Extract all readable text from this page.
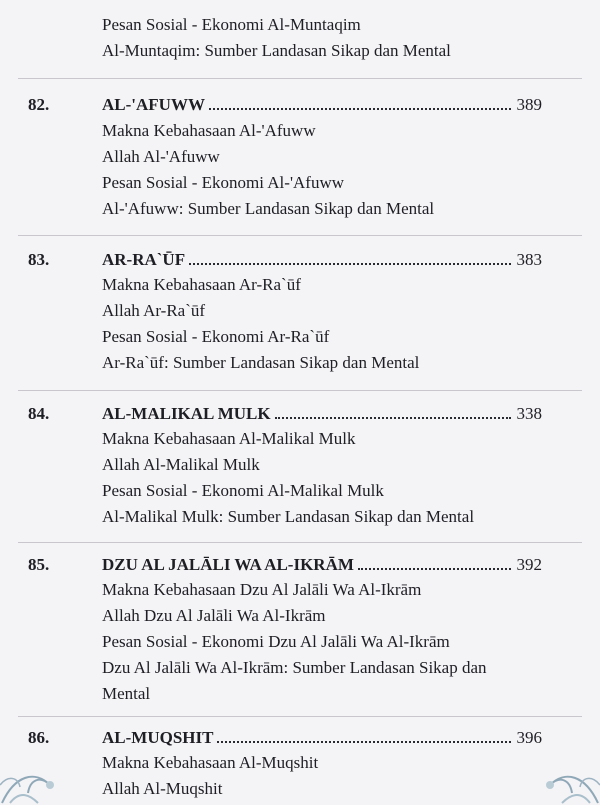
Pesan Sosial - Ekonomi Al-Muntaqim
Al-Muntaqim: Sumber Landasan Sikap dan Mental
82.	AL-'AFUWW	389
Makna Kebahasaan Al-'Afuww
Allah Al-'Afuww
Pesan Sosial - Ekonomi Al-'Afuww
Al-'Afuww: Sumber Landasan Sikap dan Mental
83.	AR-RA`ŪF	383
Makna Kebahasaan Ar-Ra`ūf
Allah Ar-Ra`ūf
Pesan Sosial - Ekonomi Ar-Ra`ūf
Ar-Ra`ūf: Sumber Landasan Sikap dan Mental
84.	AL-MALIKAL MULK	338
Makna Kebahasaan Al-Malikal Mulk
Allah Al-Malikal Mulk
Pesan Sosial - Ekonomi Al-Malikal Mulk
Al-Malikal Mulk: Sumber Landasan Sikap dan Mental
85.	DZU AL JALĀLI WA AL-IKRĀM	392
Makna Kebahasaan Dzu Al Jalāli Wa Al-Ikrām
Allah Dzu Al Jalāli Wa Al-Ikrām
Pesan Sosial - Ekonomi Dzu Al Jalāli Wa Al-Ikrām
Dzu Al Jalāli Wa Al-Ikrām: Sumber Landasan Sikap dan
Mental
86.	AL-MUQSHIT	396
Makna Kebahasaan Al-Muqshit
Allah Al-Muqshit
